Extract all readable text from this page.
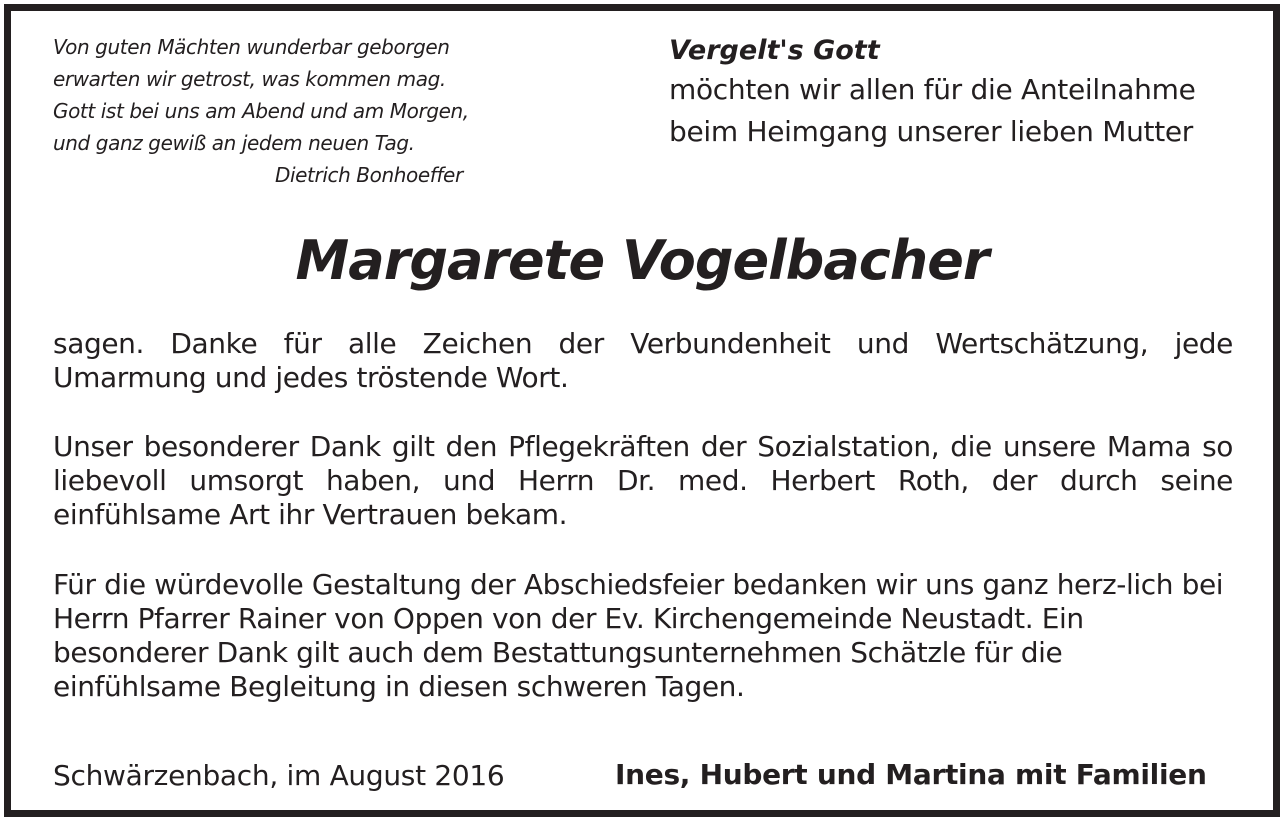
Von guten Mächten wunderbar geborgen
erwarten wir getrost, was kommen mag.
Gott ist bei uns am Abend und am Morgen,
und ganz gewiß an jedem neuen Tag.
Dietrich Bonhoeffer
Vergelt's Gott
möchten wir allen für die Anteilnahme
beim Heimgang unserer lieben Mutter
Margarete Vogelbacher
sagen. Danke für alle Zeichen der Verbundenheit und Wertschätzung, jede Umarmung und jedes tröstende Wort.
Unser besonderer Dank gilt den Pflegekräften der Sozialstation, die unsere Mama so liebevoll umsorgt haben, und Herrn Dr. med. Herbert Roth, der durch seine einfühlsame Art ihr Vertrauen bekam.
Für die würdevolle Gestaltung der Abschiedsfeier bedanken wir uns ganz herz-lich bei Herrn Pfarrer Rainer von Oppen von der Ev. Kirchengemeinde Neustadt. Ein besonderer Dank gilt auch dem Bestattungsunternehmen Schätzle für die einfühlsame Begleitung in diesen schweren Tagen.
Schwärzenbach, im August 2016	Ines, Hubert und Martina mit Familien
